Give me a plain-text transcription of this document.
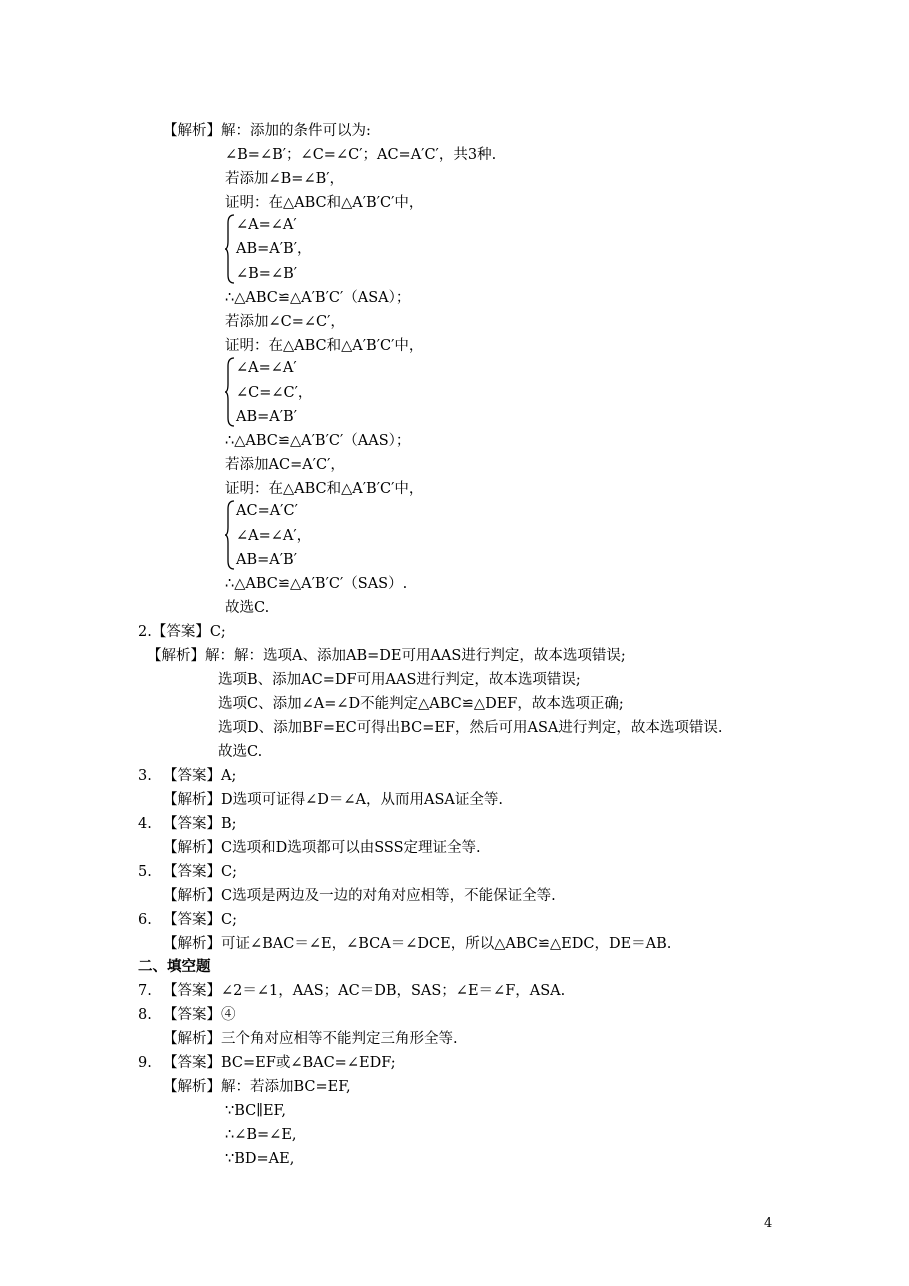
【解析】解：添加的条件可以为:
∠B=∠B′；∠C=∠C′；AC=A′C′，共3种.
若添加∠B=∠B′，
证明：在△ABC和△A′B′C′中，
∠A=∠A′
AB=A′B′，
∠B=∠B′
∴△ABC≌△A′B′C′（ASA）；
若添加∠C=∠C′，
证明：在△ABC和△A′B′C′中，
∠A=∠A′
∠C=∠C′，
AB=A′B′
∴△ABC≌△A′B′C′（AAS）；
若添加AC=A′C′，
证明：在△ABC和△A′B′C′中，
AC=A′C′
∠A=∠A′，
AB=A′B′
∴△ABC≌△A′B′C′（SAS）.
故选C.
2.【答案】C;
【解析】解：解：选项A、添加AB=DE可用AAS进行判定，故本选项错误;
选项B、添加AC=DF可用AAS进行判定，故本选项错误;
选项C、添加∠A=∠D不能判定△ABC≌△DEF，故本选项正确;
选项D、添加BF=EC可得出BC=EF，然后可用ASA进行判定，故本选项错误.
故选C.
3. 【答案】A;
【解析】D选项可证得∠D＝∠A，从而用ASA证全等.
4. 【答案】B;
【解析】C选项和D选项都可以由SSS定理证全等.
5. 【答案】C;
【解析】C选项是两边及一边的对角对应相等，不能保证全等.
6. 【答案】C;
【解析】可证∠BAC＝∠E，∠BCA＝∠DCE，所以△ABC≌△EDC，DE＝AB.
二、填空题
7. 【答案】∠2＝∠1，AAS；AC＝DB，SAS；∠E＝∠F，ASA.
8. 【答案】④
【解析】三个角对应相等不能判定三角形全等.
9. 【答案】BC=EF或∠BAC=∠EDF;
【解析】解：若添加BC=EF,
∵BC∥EF,
∴∠B=∠E,
∵BD=AE,
4
